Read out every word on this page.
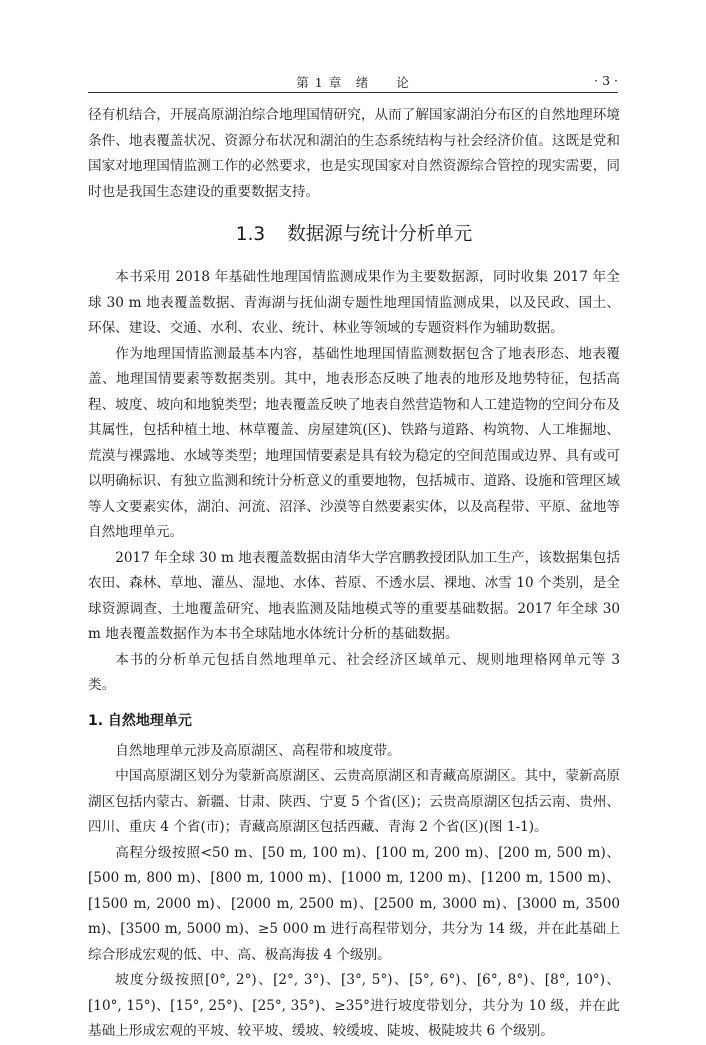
第 1 章　绪　　论	· 3 ·

径有机结合，开展高原湖泊综合地理国情研究，从而了解国家湖泊分布区的自然地理环境条件、地表覆盖状况、资源分布状况和湖泊的生态系统结构与社会经济价值。这既是党和国家对地理国情监测工作的必然要求，也是实现国家对自然资源综合管控的现实需要，同时也是我国生态建设的重要数据支持。

1.3 数据源与统计分析单元

本书采用 2018 年基础性地理国情监测成果作为主要数据源，同时收集 2017 年全球 30 m 地表覆盖数据、青海湖与抚仙湖专题性地理国情监测成果，以及民政、国土、环保、建设、交通、水利、农业、统计、林业等领域的专题资料作为辅助数据。

作为地理国情监测最基本内容，基础性地理国情监测数据包含了地表形态、地表覆盖、地理国情要素等数据类别。其中，地表形态反映了地表的地形及地势特征，包括高程、坡度、坡向和地貌类型；地表覆盖反映了地表自然营造物和人工建造物的空间分布及其属性，包括种植土地、林草覆盖、房屋建筑(区)、铁路与道路、构筑物、人工堆掘地、荒漠与裸露地、水域等类型；地理国情要素是具有较为稳定的空间范围或边界、具有或可以明确标识、有独立监测和统计分析意义的重要地物，包括城市、道路、设施和管理区域等人文要素实体，湖泊、河流、沼泽、沙漠等自然要素实体，以及高程带、平原、盆地等自然地理单元。

2017 年全球 30 m 地表覆盖数据由清华大学宫鹏教授团队加工生产，该数据集包括农田、森林、草地、灌丛、湿地、水体、苔原、不透水层、裸地、冰雪 10 个类别，是全球资源调查、土地覆盖研究、地表监测及陆地模式等的重要基础数据。2017 年全球 30 m 地表覆盖数据作为本书全球陆地水体统计分析的基础数据。

本书的分析单元包括自然地理单元、社会经济区域单元、规则地理格网单元等 3 类。

1. 自然地理单元

自然地理单元涉及高原湖区、高程带和坡度带。

中国高原湖区划分为蒙新高原湖区、云贵高原湖区和青藏高原湖区。其中，蒙新高原湖区包括内蒙古、新疆、甘肃、陕西、宁夏 5 个省(区)；云贵高原湖区包括云南、贵州、四川、重庆 4 个省(市)；青藏高原湖区包括西藏、青海 2 个省(区)(图 1-1)。

高程分级按照<50 m、[50 m, 100 m)、[100 m, 200 m)、[200 m, 500 m)、[500 m, 800 m)、[800 m, 1000 m)、[1000 m, 1200 m)、[1200 m, 1500 m)、[1500 m, 2000 m)、[2000 m, 2500 m)、[2500 m, 3000 m)、[3000 m, 3500 m)、[3500 m, 5000 m)、≥5 000 m 进行高程带划分，共分为 14 级，并在此基础上综合形成宏观的低、中、高、极高海拔 4 个级别。

坡度分级按照[0°, 2°)、[2°, 3°)、[3°, 5°)、[5°, 6°)、[6°, 8°)、[8°, 10°)、[10°, 15°)、[15°, 25°)、[25°, 35°)、≥35°进行坡度带划分，共分为 10 级，并在此基础上形成宏观的平坡、较平坡、缓坡、较缓坡、陡坡、极陡坡共 6 个级别。
